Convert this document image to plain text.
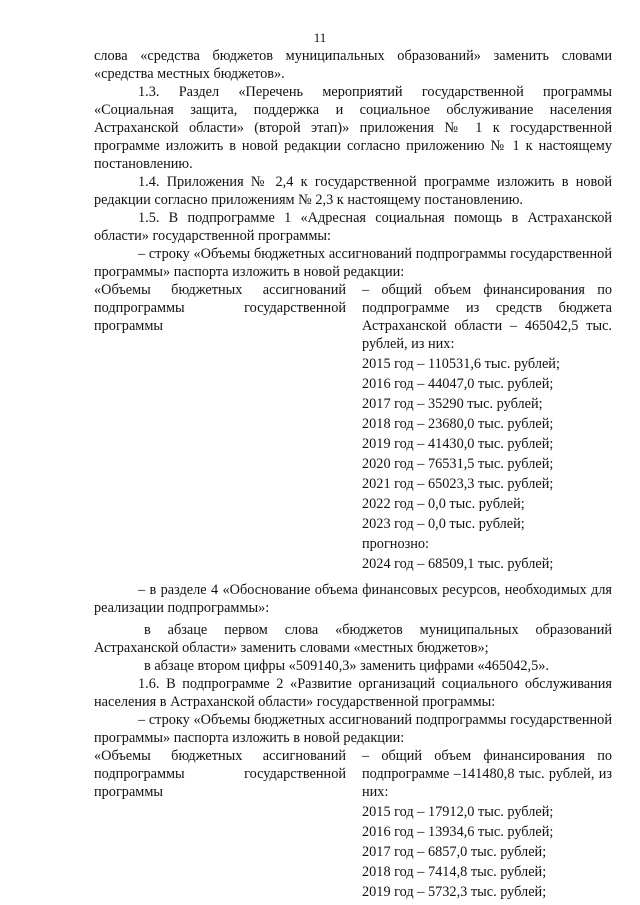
11

слова «средства бюджетов муниципальных образований» заменить словами «средства местных бюджетов».

1.3. Раздел «Перечень мероприятий государственной программы «Социальная защита, поддержка и социальное обслуживание населения Астраханской области» (второй этап)» приложения № 1 к государственной программе изложить в новой редакции согласно приложению № 1 к настоящему постановлению.

1.4. Приложения № 2,4 к государственной программе изложить в новой редакции согласно приложениям № 2,3 к настоящему постановлению.

1.5. В подпрограмме 1 «Адресная социальная помощь в Астраханской области» государственной программы:

– строку «Объемы бюджетных ассигнований подпрограммы государственной программы» паспорта изложить в новой редакции:

«Объемы бюджетных ассигнований подпрограммы государственной программы

– общий объем финансирования по подпрограмме из средств бюджета Астраханской области – 465042,5 тыс. рублей, из них:

2015 год – 110531,6 тыс. рублей;

2016 год – 44047,0 тыс. рублей;

2017 год – 35290 тыс. рублей;

2018 год – 23680,0 тыс. рублей;

2019 год – 41430,0 тыс. рублей;

2020 год – 76531,5 тыс. рублей;

2021 год – 65023,3 тыс. рублей;

2022 год – 0,0 тыс. рублей;

2023 год – 0,0 тыс. рублей;

прогнозно:

2024 год – 68509,1 тыс. рублей;

– в разделе 4 «Обоснование объема финансовых ресурсов, необходимых для реализации подпрограммы»:

в абзаце первом слова «бюджетов муниципальных образований Астраханской области» заменить словами «местных бюджетов»;

в абзаце втором цифры «509140,3» заменить цифрами «465042,5».

1.6. В подпрограмме 2 «Развитие организаций социального обслуживания населения в Астраханской области» государственной программы:

– строку «Объемы бюджетных ассигнований подпрограммы государственной программы» паспорта изложить в новой редакции:

«Объемы бюджетных ассигнований подпрограммы государственной программы

– общий объем финансирования по подпрограмме –141480,8 тыс. рублей, из них:

2015 год – 17912,0 тыс. рублей;

2016 год – 13934,6 тыс. рублей;

2017 год – 6857,0 тыс. рублей;

2018 год – 7414,8 тыс. рублей;

2019 год – 5732,3 тыс. рублей;
